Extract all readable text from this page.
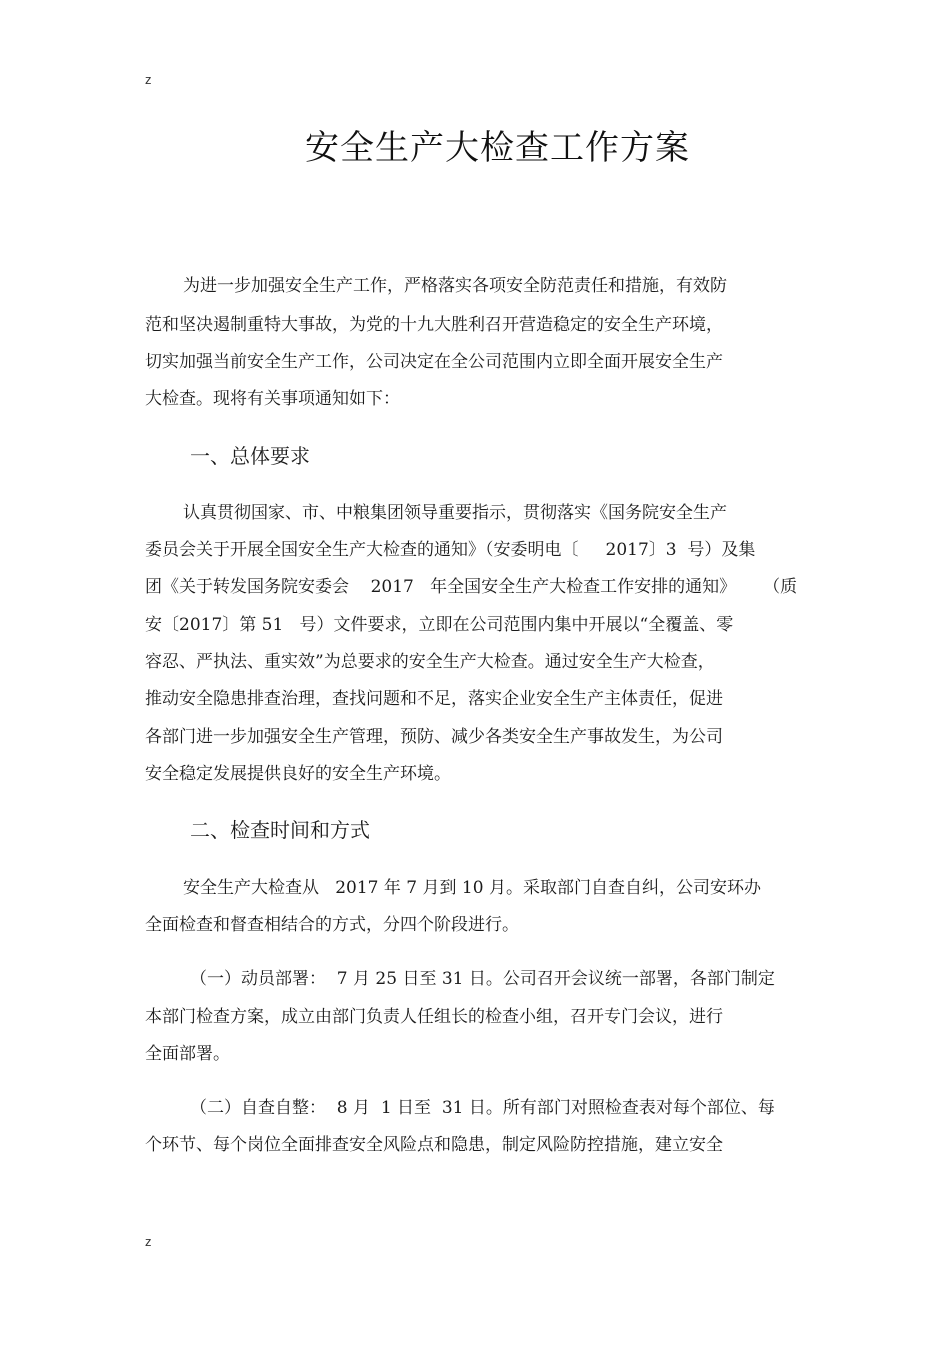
z
安全生产大检查工作方案
为进一步加强安全生产工作，严格落实各项安全防范责任和措施，有效防
范和坚决遏制重特大事故，为党的十九大胜利召开营造稳定的安全生产环境，
切实加强当前安全生产工作，公司决定在全公司范围内立即全面开展安全生产
大检查。现将有关事项通知如下：
一、总体要求
认真贯彻国家、市、中粮集团领导重要指示，贯彻落实《国务院安全生产
委员会关于开展全国安全生产大检查的通知》（安委明电〔     2017〕3  号）及集
团《关于转发国务院安委会    2017   年全国安全生产大检查工作安排的通知》     （质
安〔2017〕第 51   号）文件要求，立即在公司范围内集中开展以“全覆盖、零
容忍、严执法、重实效”为总要求的安全生产大检查。通过安全生产大检查，
推动安全隐患排查治理，查找问题和不足，落实企业安全生产主体责任，促进
各部门进一步加强安全生产管理，预防、减少各类安全生产事故发生，为公司
安全稳定发展提供良好的安全生产环境。
二、检查时间和方式
安全生产大检查从   2017 年 7 月到 10 月。采取部门自查自纠，公司安环办
全面检查和督查相结合的方式，分四个阶段进行。
（一）动员部署：  7 月 25 日至 31 日。公司召开会议统一部署，各部门制定
本部门检查方案，成立由部门负责人任组长的检查小组，召开专门会议，进行
全面部署。
（二）自查自整：  8 月  1 日至  31 日。所有部门对照检查表对每个部位、每
个环节、每个岗位全面排查安全风险点和隐患，制定风险防控措施，建立安全
z
